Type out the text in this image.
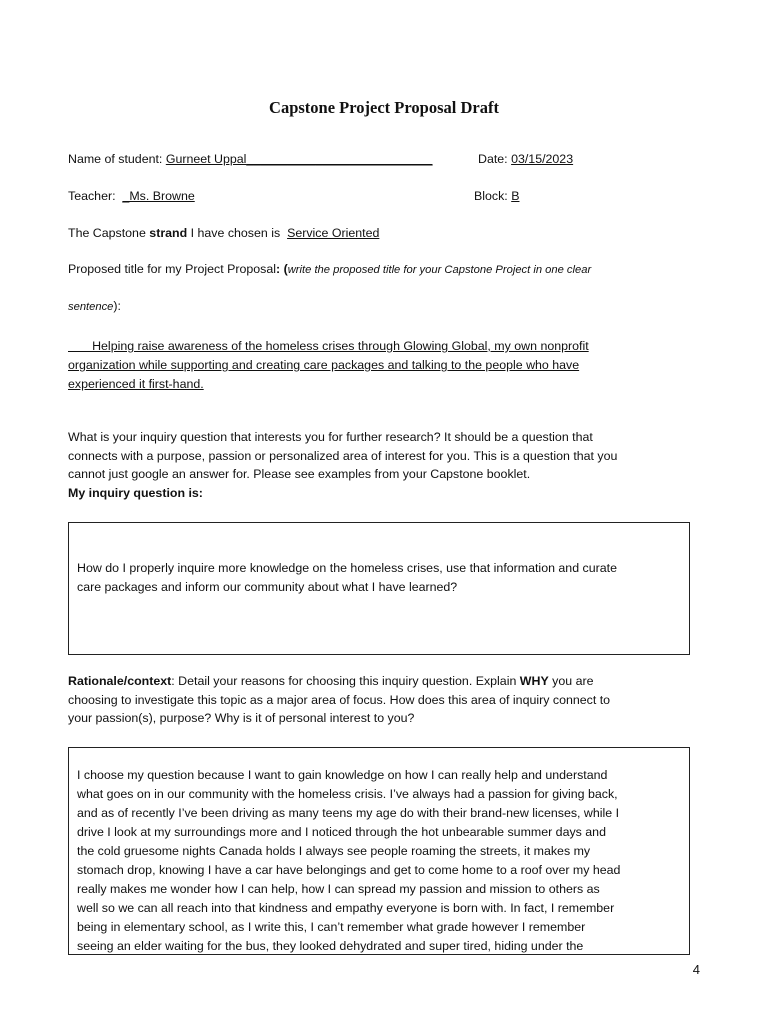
Capstone Project Proposal Draft
Name of student: Gurneet Uppal___________________________	Date: 03/15/2023
Teacher: _Ms. Browne	Block: B
The Capstone strand I have chosen is Service Oriented
Proposed title for my Project Proposal: (write the proposed title for your Capstone Project in one clear
sentence):
Helping raise awareness of the homeless crises through Glowing Global, my own nonprofit
organization while supporting and creating care packages and talking to the people who have
experienced it first-hand.
What is your inquiry question that interests you for further research? It should be a question that
connects with a purpose, passion or personalized area of interest for you. This is a question that you
cannot just google an answer for. Please see examples from your Capstone booklet.
My inquiry question is:
How do I properly inquire more knowledge on the homeless crises, use that information and curate
care packages and inform our community about what I have learned?
Rationale/context: Detail your reasons for choosing this inquiry question. Explain WHY you are
choosing to investigate this topic as a major area of focus. How does this area of inquiry connect to
your passion(s), purpose? Why is it of personal interest to you?
I choose my question because I want to gain knowledge on how I can really help and understand
what goes on in our community with the homeless crisis. I’ve always had a passion for giving back,
and as of recently I’ve been driving as many teens my age do with their brand-new licenses, while I
drive I look at my surroundings more and I noticed through the hot unbearable summer days and
the cold gruesome nights Canada holds I always see people roaming the streets, it makes my
stomach drop, knowing I have a car have belongings and get to come home to a roof over my head
really makes me wonder how I can help, how I can spread my passion and mission to others as
well so we can all reach into that kindness and empathy everyone is born with. In fact, I remember
being in elementary school, as I write this, I can’t remember what grade however I remember
seeing an elder waiting for the bus, they looked dehydrated and super tired, hiding under the
4
